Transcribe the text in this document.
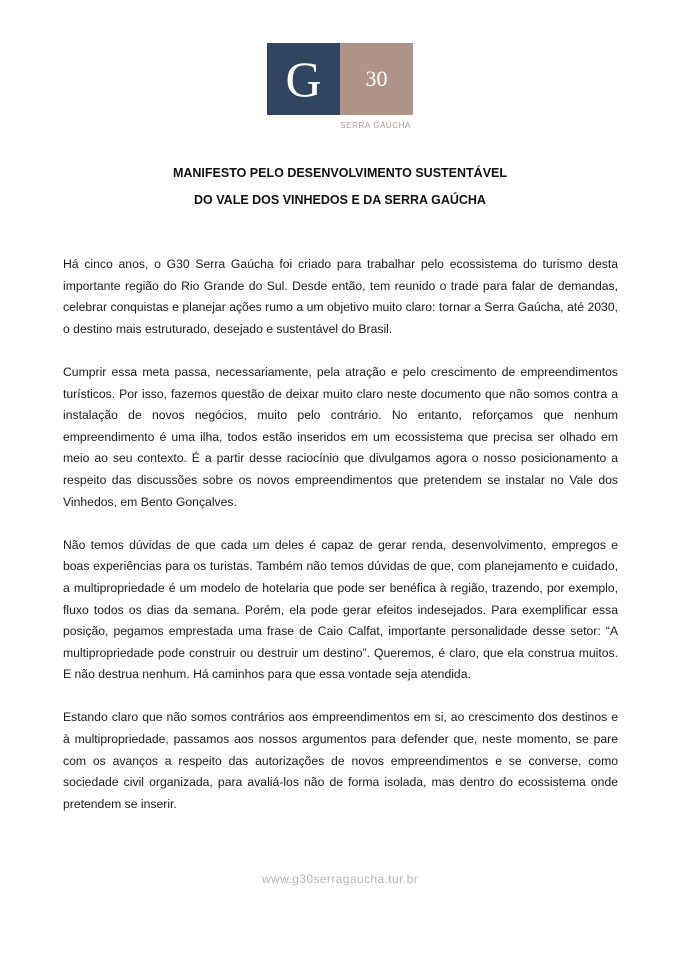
G	30
SERRA GAÚCHA
MANIFESTO PELO DESENVOLVIMENTO SUSTENTÁVEL
DO VALE DOS VINHEDOS E DA SERRA GAÚCHA

Há cinco anos, o G30 Serra Gaúcha foi criado para trabalhar pelo ecossistema do turismo desta importante região do Rio Grande do Sul. Desde então, tem reunido o trade para falar de demandas, celebrar conquistas e planejar ações rumo a um objetivo muito claro: tornar a Serra Gaúcha, até 2030, o destino mais estruturado, desejado e sustentável do Brasil.

Cumprir essa meta passa, necessariamente, pela atração e pelo crescimento de empreendimentos turísticos. Por isso, fazemos questão de deixar muito claro neste documento que não somos contra a instalação de novos negócios, muito pelo contrário. No entanto, reforçamos que nenhum empreendimento é uma ilha, todos estão inseridos em um ecossistema que precisa ser olhado em meio ao seu contexto. É a partir desse raciocínio que divulgamos agora o nosso posicionamento a respeito das discussões sobre os novos empreendimentos que pretendem se instalar no Vale dos Vinhedos, em Bento Gonçalves.

Não temos dúvidas de que cada um deles é capaz de gerar renda, desenvolvimento, empregos e boas experiências para os turistas. Também não temos dúvidas de que, com planejamento e cuidado, a multipropriedade é um modelo de hotelaria que pode ser benéfica à região, trazendo, por exemplo, fluxo todos os dias da semana. Porém, ela pode gerar efeitos indesejados. Para exemplificar essa posição, pegamos emprestada uma frase de Caio Calfat, importante personalidade desse setor: “A multipropriedade pode construir ou destruir um destino”. Queremos, é claro, que ela construa muitos. E não destrua nenhum. Há caminhos para que essa vontade seja atendida.

Estando claro que não somos contrários aos empreendimentos em si, ao crescimento dos destinos e à multipropriedade, passamos aos nossos argumentos para defender que, neste momento, se pare com os avanços a respeito das autorizações de novos empreendimentos e se converse, como sociedade civil organizada, para avaliá-los não de forma isolada, mas dentro do ecossistema onde pretendem se inserir.

www.g30serragaucha.tur.br
